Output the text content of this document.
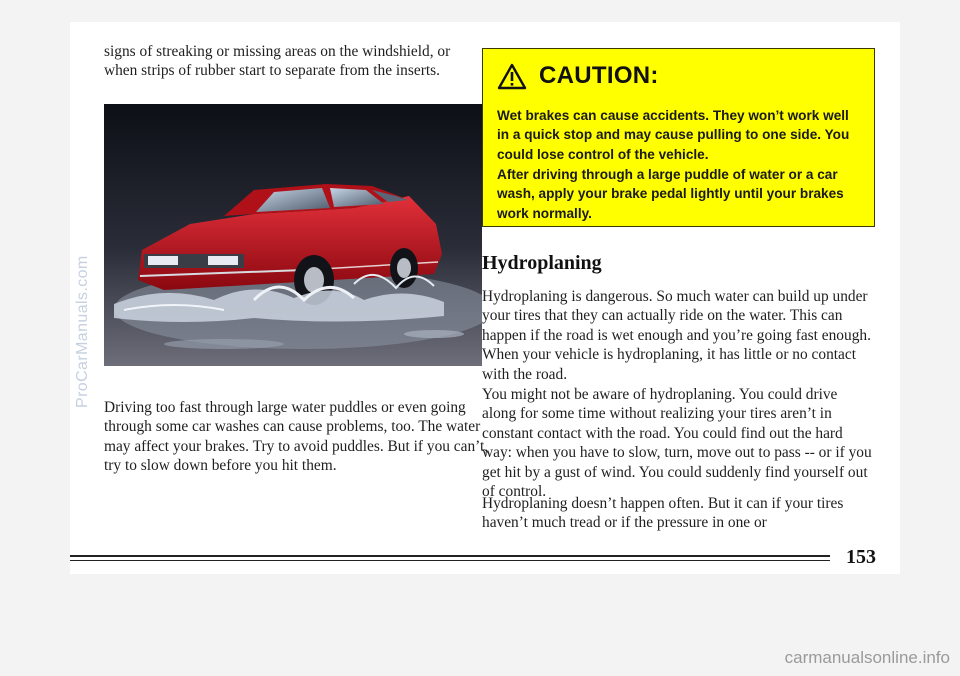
signs of streaking or missing areas on the windshield, or when strips of rubber start to separate from the inserts.

Driving too fast through large water puddles or even going through some car washes can cause problems, too. The water may affect your brakes. Try to avoid puddles. But if you can’t, try to slow down before you hit them.

CAUTION:

Wet brakes can cause accidents. They won’t work well in a quick stop and may cause pulling to one side. You could lose control of the vehicle.

After driving through a large puddle of water or a car wash, apply your brake pedal lightly until your brakes work normally.

Hydroplaning

Hydroplaning is dangerous. So much water can build up under your tires that they can actually ride on the water. This can happen if the road is wet enough and you’re going fast enough. When your vehicle is hydroplaning, it has little or no contact with the road.

You might not be aware of hydroplaning. You could drive along for some time without realizing your tires aren’t in constant contact with the road. You could find out the hard way: when you have to slow, turn, move out to pass -- or if you get hit by a gust of wind. You could suddenly find yourself out of control.

Hydroplaning doesn’t happen often. But it can if your tires haven’t much tread or if the pressure in one or

153
ProCarManuals.com
carmanualsonline.info
